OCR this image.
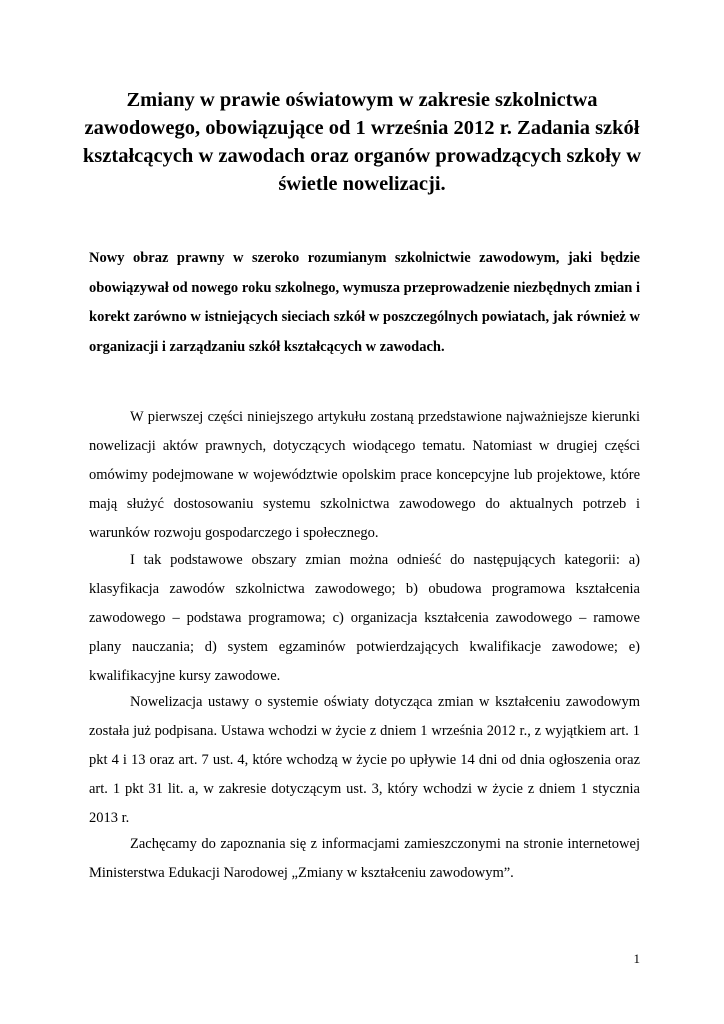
Zmiany w prawie oświatowym w zakresie szkolnictwa zawodowego, obowiązujące od 1 września 2012 r. Zadania szkół kształcących w zawodach oraz organów prowadzących szkoły w świetle nowelizacji.

Nowy obraz prawny w szeroko rozumianym szkolnictwie zawodowym, jaki będzie obowiązywał od nowego roku szkolnego, wymusza przeprowadzenie niezbędnych zmian i korekt zarówno w istniejących sieciach szkół w poszczególnych powiatach, jak również w organizacji i zarządzaniu szkół kształcących w zawodach.

W pierwszej części niniejszego artykułu zostaną przedstawione najważniejsze kierunki nowelizacji aktów prawnych, dotyczących wiodącego tematu. Natomiast w drugiej części omówimy podejmowane w województwie opolskim prace koncepcyjne lub projektowe, które mają służyć dostosowaniu systemu szkolnictwa zawodowego do aktualnych potrzeb i warunków rozwoju gospodarczego i społecznego.

I tak podstawowe obszary zmian można odnieść do następujących kategorii: a) klasyfikacja zawodów szkolnictwa zawodowego; b) obudowa programowa kształcenia zawodowego – podstawa programowa; c) organizacja kształcenia zawodowego – ramowe plany nauczania; d) system egzaminów potwierdzających kwalifikacje zawodowe; e) kwalifikacyjne kursy zawodowe.

Nowelizacja ustawy o systemie oświaty dotycząca zmian w kształceniu zawodowym została już podpisana. Ustawa wchodzi w życie z dniem 1 września 2012 r., z wyjątkiem art. 1 pkt 4 i 13 oraz art. 7 ust. 4, które wchodzą w życie po upływie 14 dni od dnia ogłoszenia oraz art. 1 pkt 31 lit. a, w zakresie dotyczącym ust. 3, który wchodzi w życie z dniem 1 stycznia 2013 r.

Zachęcamy do zapoznania się z informacjami zamieszczonymi na stronie internetowej Ministerstwa Edukacji Narodowej „Zmiany w kształceniu zawodowym”.

1
